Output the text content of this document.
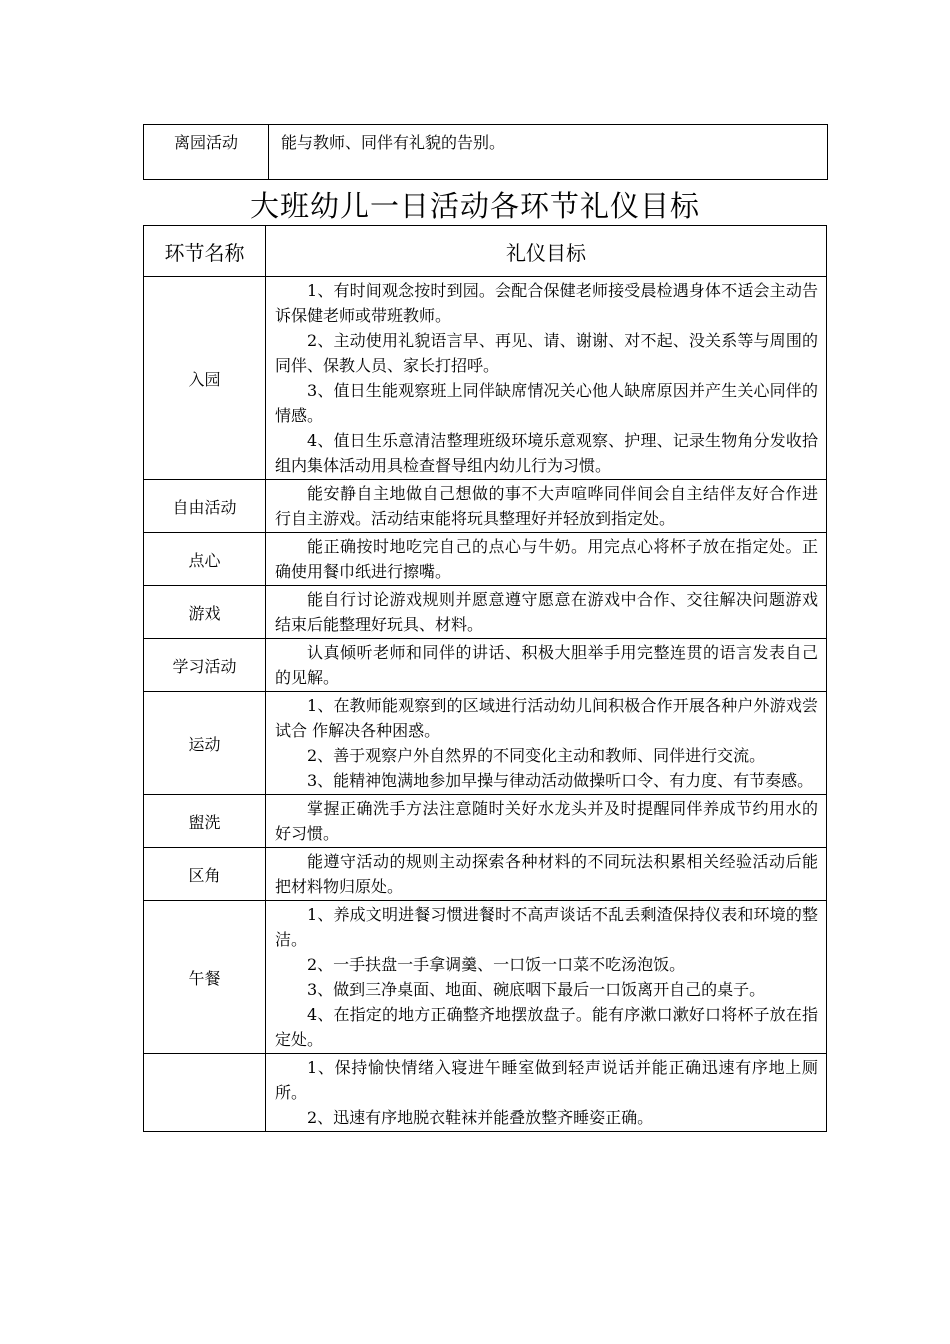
离园活动	能与教师、同伴有礼貌的告别。
大班幼儿一日活动各环节礼仪目标
环节名称	礼仪目标
入园	1、有时间观念按时到园。会配合保健老师接受晨检遇身体不适会主动告诉保健老师或带班教师。

2、主动使用礼貌语言早、再见、请、谢谢、对不起、没关系等与周围的同伴、保教人员、家长打招呼。

3、值日生能观察班上同伴缺席情况关心他人缺席原因并产生关心同伴的情感。

4、值日生乐意清洁整理班级环境乐意观察、护理、记录生物角分发收拾组内集体活动用具检查督导组内幼儿行为习惯。

自由活动	能安静自主地做自己想做的事不大声喧哗同伴间会自主结伴友好合作进行自主游戏。活动结束能将玩具整理好并轻放到指定处。

点心	能正确按时地吃完自己的点心与牛奶。用完点心将杯子放在指定处。正确使用餐巾纸进行擦嘴。

游戏	能自行讨论游戏规则并愿意遵守愿意在游戏中合作、交往解决问题游戏结束后能整理好玩具、材料。

学习活动	认真倾听老师和同伴的讲话、积极大胆举手用完整连贯的语言发表自己的见解。

运动	1、在教师能观察到的区域进行活动幼儿间积极合作开展各种户外游戏尝试合 作解决各种困惑。

2、善于观察户外自然界的不同变化主动和教师、同伴进行交流。

3、能精神饱满地参加早操与律动活动做操听口令、有力度、有节奏感。

盥洗	掌握正确洗手方法注意随时关好水龙头并及时提醒同伴养成节约用水的好习惯。

区角	能遵守活动的规则主动探索各种材料的不同玩法积累相关经验活动后能把材料物归原处。

午餐	1、养成文明进餐习惯进餐时不高声谈话不乱丢剩渣保持仪表和环境的整洁。

2、一手扶盘一手拿调羹、一口饭一口菜不吃汤泡饭。

3、做到三净桌面、地面、碗底咽下最后一口饭离开自己的桌子。

4、在指定的地方正确整齐地摆放盘子。能有序漱口漱好口将杯子放在指定处。

	1、保持愉快情绪入寝进午睡室做到轻声说话并能正确迅速有序地上厕所。

2、迅速有序地脱衣鞋袜并能叠放整齐睡姿正确。
